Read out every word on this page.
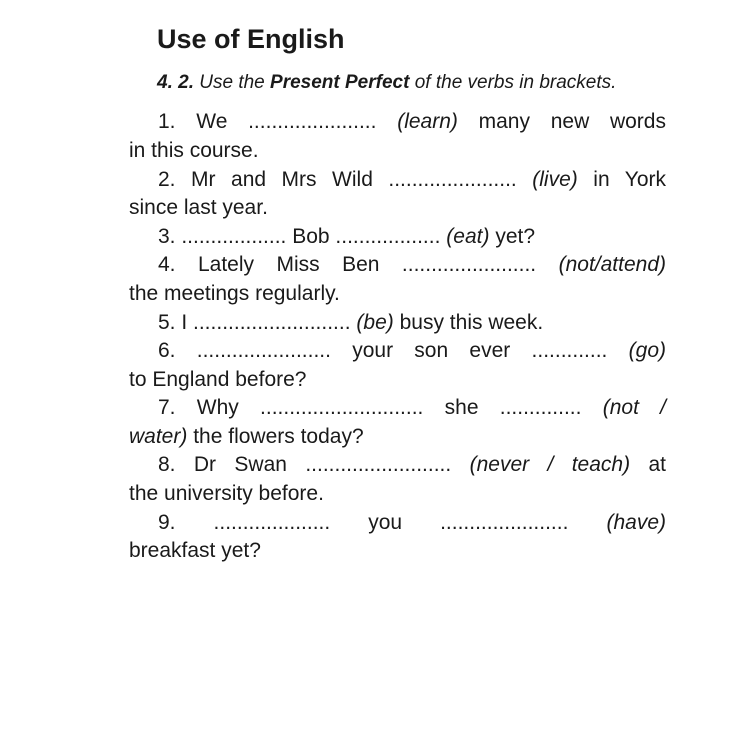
Use of English
4. 2. Use the Present Perfect of the verbs in brackets.
1. We ...................... (learn) many new words
in this course.
2. Mr and Mrs Wild ...................... (live) in York
since last year.
3. .................. Bob .................. (eat) yet?
4. Lately Miss Ben ....................... (not/attend)
the meetings regularly.
5. I ........................... (be) busy this week.
6. ....................... your son ever ............. (go)
to England before?
7. Why ............................ she .............. (not /
water) the flowers today?
8. Dr Swan ......................... (never / teach) at
the university before.
9. .................... you ...................... (have)
breakfast yet?
